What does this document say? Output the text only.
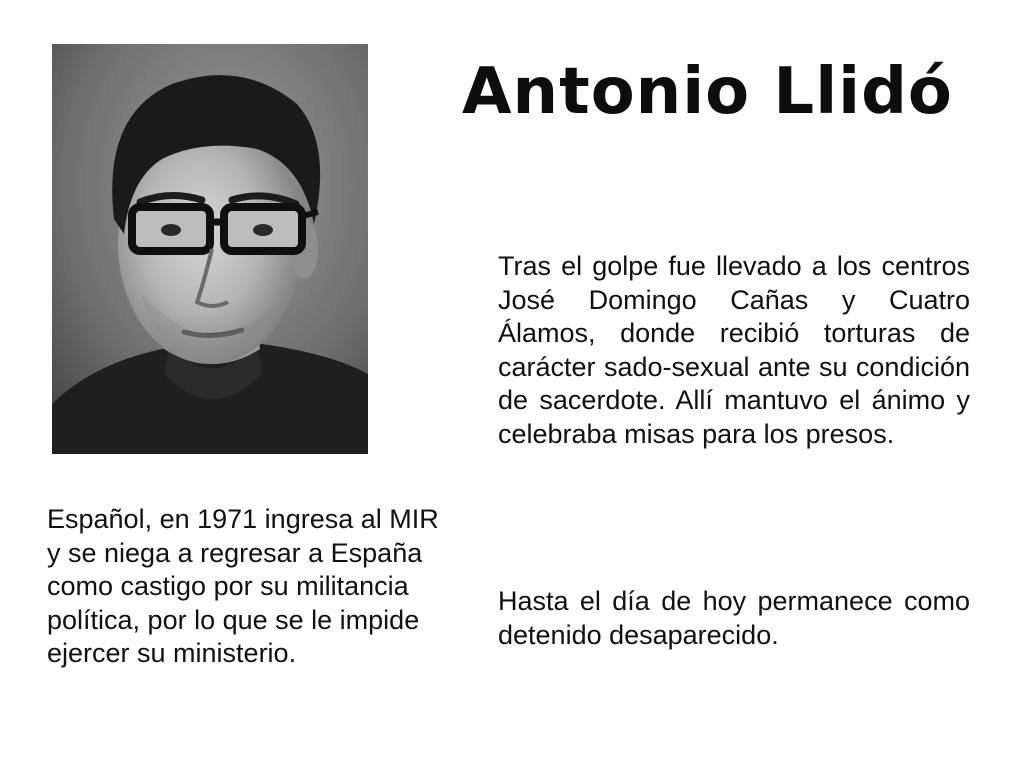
Antonio Llidó

Tras el golpe fue llevado a los centros José Domingo Cañas y Cuatro Álamos, donde recibió torturas de carácter sado-sexual ante su condición de sacerdote. Allí mantuvo el ánimo y celebraba misas para los presos.

Hasta el día de hoy permanece como detenido desaparecido.

Español, en 1971 ingresa al MIR y se niega a regresar a España como castigo por su militancia política, por lo que se le impide ejercer su ministerio.
